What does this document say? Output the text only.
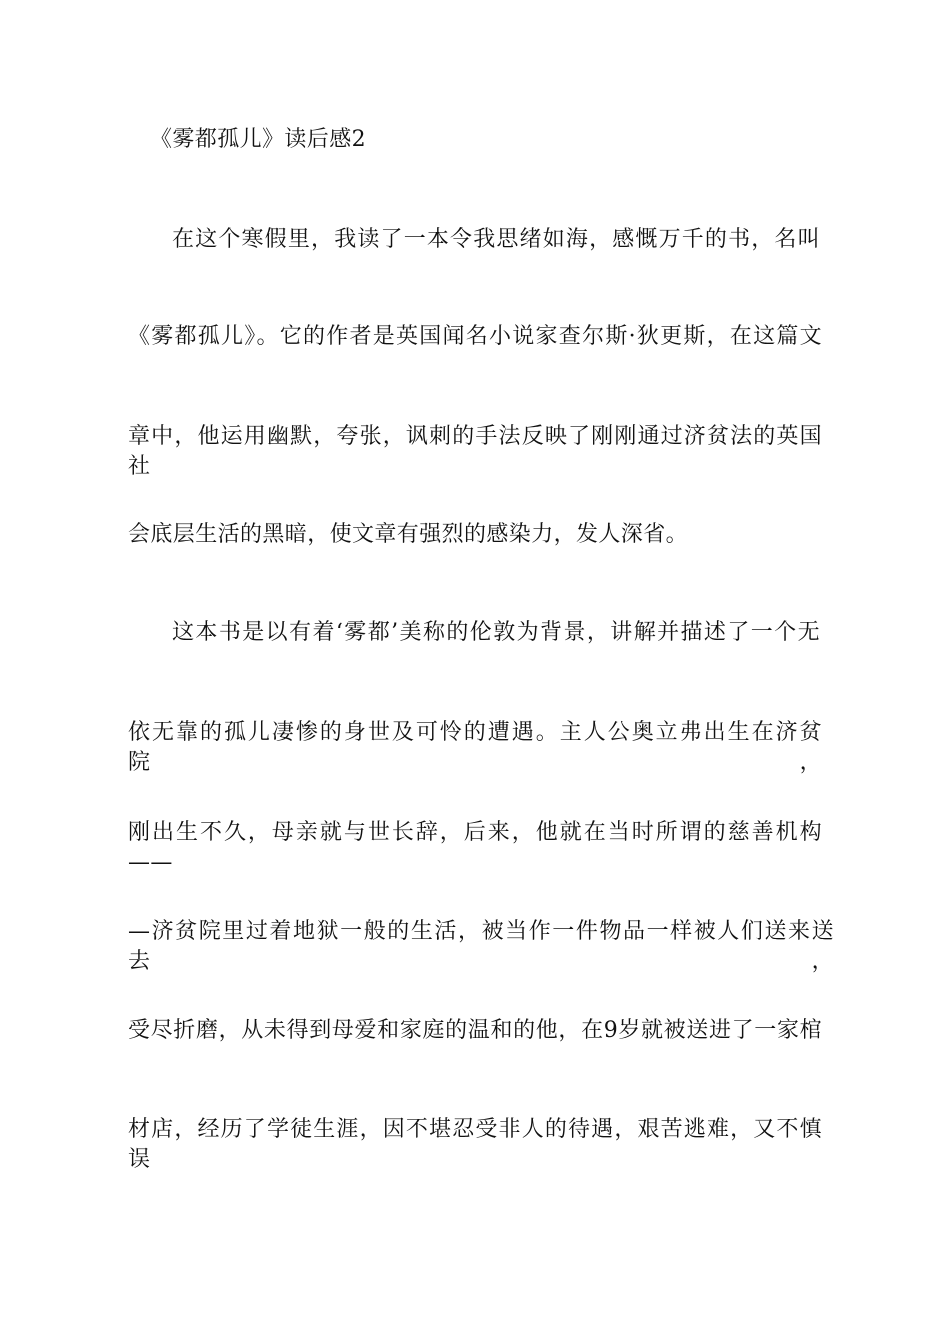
《雾都孤儿》读后感2
在这个寒假里，我读了一本令我思绪如海，感慨万千的书，名叫
《雾都孤儿》。它的作者是英国闻名小说家查尔斯·狄更斯，在这篇文
章中，他运用幽默，夸张，讽刺的手法反映了刚刚通过济贫法的英国社
会底层生活的黑暗，使文章有强烈的感染力，发人深省。
这本书是以有着‘雾都’美称的伦敦为背景，讲解并描述了一个无
依无靠的孤儿凄惨的身世及可怜的遭遇。主人公奥立弗出生在济贫院，
刚出生不久，母亲就与世长辞，后来，他就在当时所谓的慈善机构——
—济贫院里过着地狱一般的生活，被当作一件物品一样被人们送来送去，
受尽折磨，从未得到母爱和家庭的温和的他，在9岁就被送进了一家棺
材店，经历了学徒生涯，因不堪忍受非人的待遇，艰苦逃难，又不慎误
